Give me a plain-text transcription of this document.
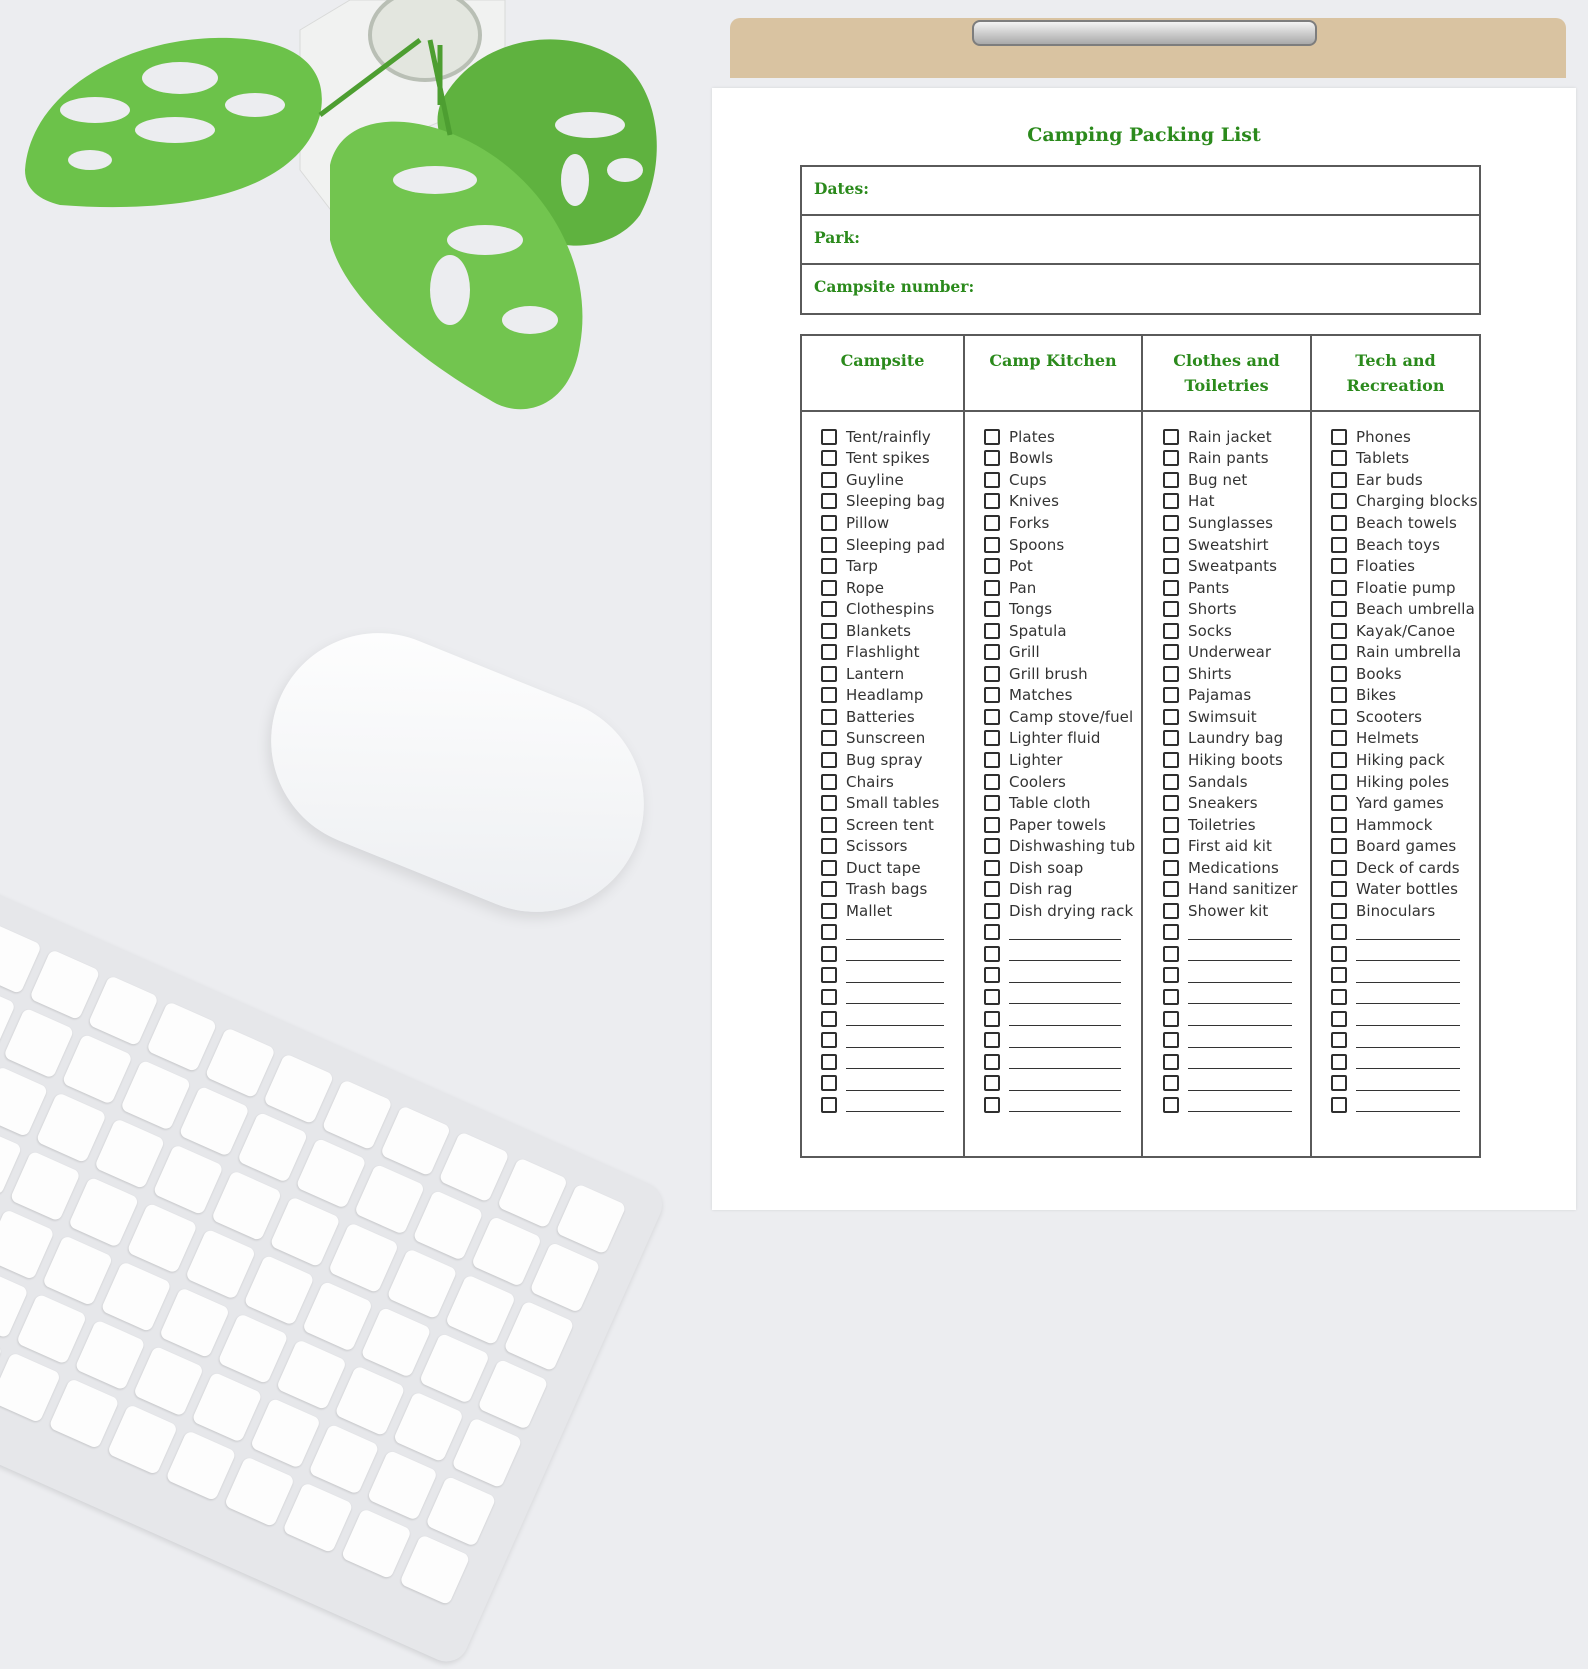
Camping Packing List
Dates:
Park:
Campsite number:
Campsite
Tent/rainfly
Tent spikes
Guyline
Sleeping bag
Pillow
Sleeping pad
Tarp
Rope
Clothespins
Blankets
Flashlight
Lantern
Headlamp
Batteries
Sunscreen
Bug spray
Chairs
Small tables
Screen tent
Scissors
Duct tape
Trash bags
Mallet
Camp Kitchen
Plates
Bowls
Cups
Knives
Forks
Spoons
Pot
Pan
Tongs
Spatula
Grill
Grill brush
Matches
Camp stove/fuel
Lighter fluid
Lighter
Coolers
Table cloth
Paper towels
Dishwashing tub
Dish soap
Dish rag
Dish drying rack
Clothes and
Toiletries
Rain jacket
Rain pants
Bug net
Hat
Sunglasses
Sweatshirt
Sweatpants
Pants
Shorts
Socks
Underwear
Shirts
Pajamas
Swimsuit
Laundry bag
Hiking boots
Sandals
Sneakers
Toiletries
First aid kit
Medications
Hand sanitizer
Shower kit
Tech and
Recreation
Phones
Tablets
Ear buds
Charging blocks
Beach towels
Beach toys
Floaties
Floatie pump
Beach umbrella
Kayak/Canoe
Rain umbrella
Books
Bikes
Scooters
Helmets
Hiking pack
Hiking poles
Yard games
Hammock
Board games
Deck of cards
Water bottles
Binoculars
